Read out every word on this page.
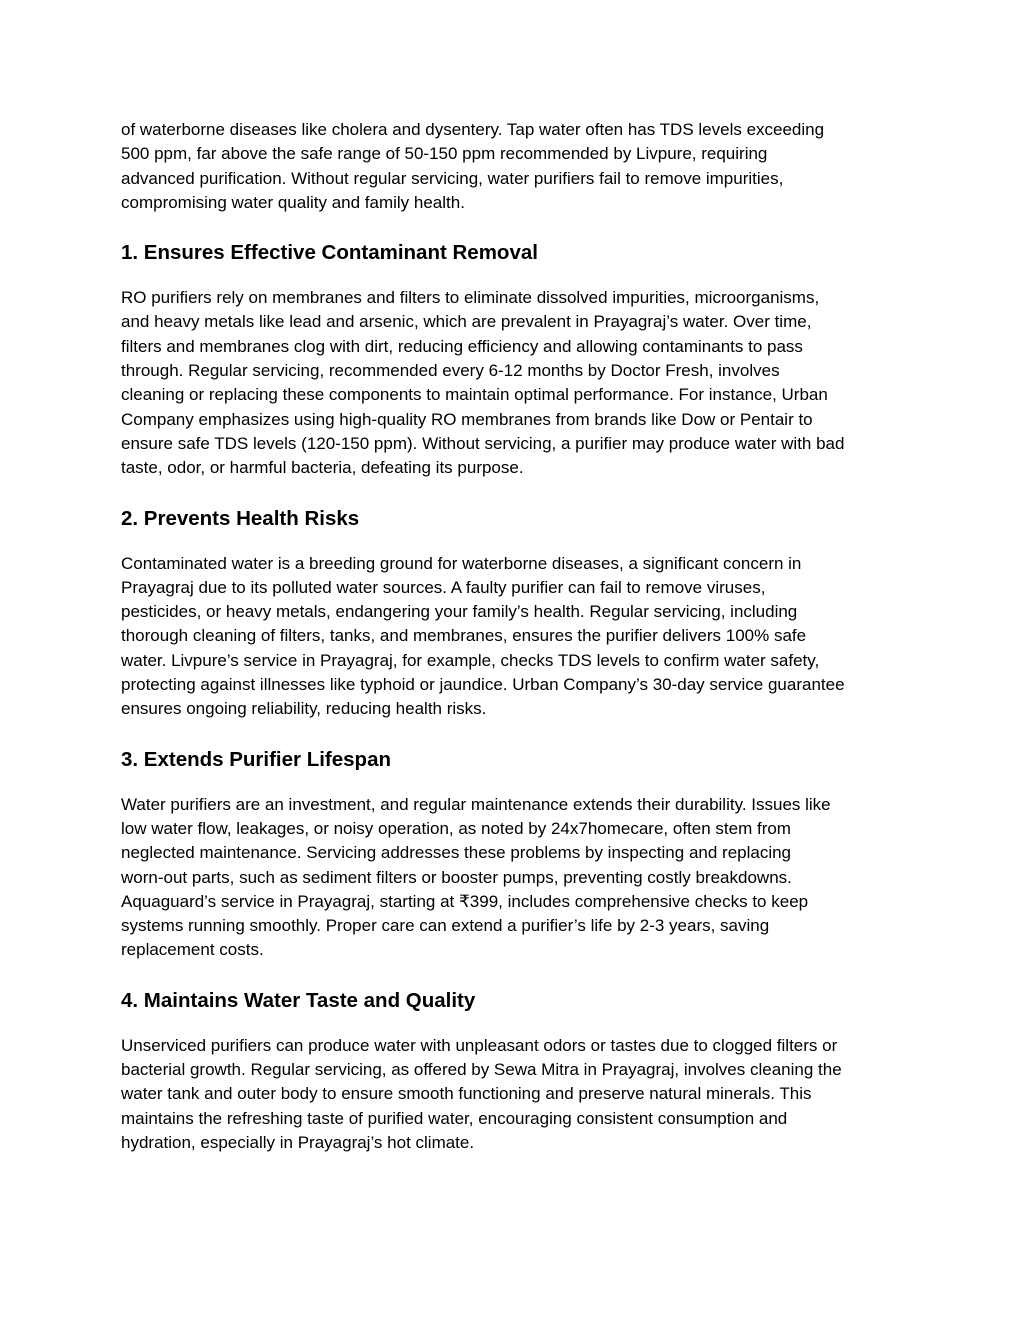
of waterborne diseases like cholera and dysentery. Tap water often has TDS levels exceeding
500 ppm, far above the safe range of 50-150 ppm recommended by Livpure, requiring
advanced purification. Without regular servicing, water purifiers fail to remove impurities,
compromising water quality and family health.

1. Ensures Effective Contaminant Removal

RO purifiers rely on membranes and filters to eliminate dissolved impurities, microorganisms,
and heavy metals like lead and arsenic, which are prevalent in Prayagraj’s water. Over time,
filters and membranes clog with dirt, reducing efficiency and allowing contaminants to pass
through. Regular servicing, recommended every 6-12 months by Doctor Fresh, involves
cleaning or replacing these components to maintain optimal performance. For instance, Urban
Company emphasizes using high-quality RO membranes from brands like Dow or Pentair to
ensure safe TDS levels (120-150 ppm). Without servicing, a purifier may produce water with bad
taste, odor, or harmful bacteria, defeating its purpose.

2. Prevents Health Risks

Contaminated water is a breeding ground for waterborne diseases, a significant concern in
Prayagraj due to its polluted water sources. A faulty purifier can fail to remove viruses,
pesticides, or heavy metals, endangering your family’s health. Regular servicing, including
thorough cleaning of filters, tanks, and membranes, ensures the purifier delivers 100% safe
water. Livpure’s service in Prayagraj, for example, checks TDS levels to confirm water safety,
protecting against illnesses like typhoid or jaundice. Urban Company’s 30-day service guarantee
ensures ongoing reliability, reducing health risks.

3. Extends Purifier Lifespan

Water purifiers are an investment, and regular maintenance extends their durability. Issues like
low water flow, leakages, or noisy operation, as noted by 24x7homecare, often stem from
neglected maintenance. Servicing addresses these problems by inspecting and replacing
worn-out parts, such as sediment filters or booster pumps, preventing costly breakdowns.
Aquaguard’s service in Prayagraj, starting at ₹399, includes comprehensive checks to keep
systems running smoothly. Proper care can extend a purifier’s life by 2-3 years, saving
replacement costs.

4. Maintains Water Taste and Quality

Unserviced purifiers can produce water with unpleasant odors or tastes due to clogged filters or
bacterial growth. Regular servicing, as offered by Sewa Mitra in Prayagraj, involves cleaning the
water tank and outer body to ensure smooth functioning and preserve natural minerals. This
maintains the refreshing taste of purified water, encouraging consistent consumption and
hydration, especially in Prayagraj’s hot climate.
